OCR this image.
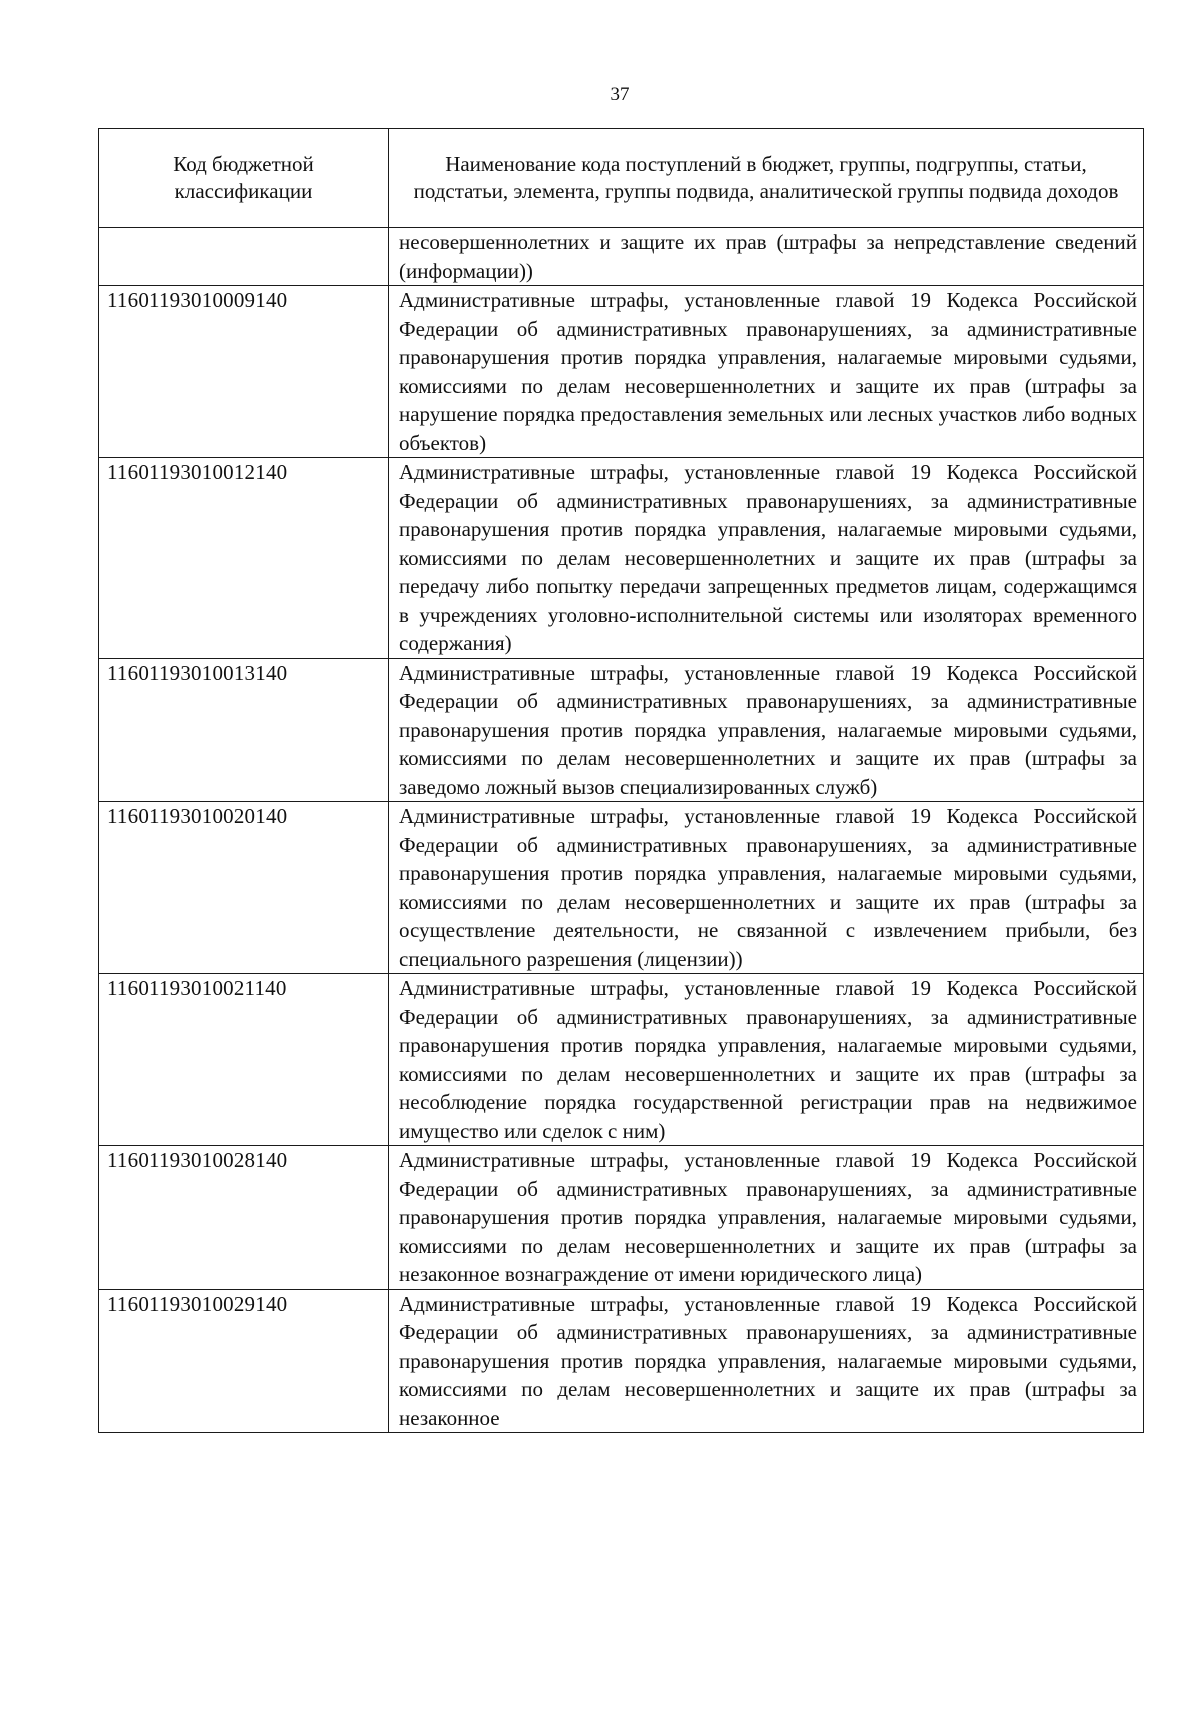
37
Код бюджетной классификации	Наименование кода поступлений в бюджет, группы, подгруппы, статьи, подстатьи, элемента, группы подвида, аналитической группы подвида доходов
	несовершеннолетних и защите их прав (штрафы за непредставление сведений (информации))
11601193010009140	Административные штрафы, установленные главой 19 Кодекса Российской Федерации об административных правонарушениях, за административные правонарушения против порядка управления, налагаемые мировыми судьями, комиссиями по делам несовершеннолетних и защите их прав (штрафы за нарушение порядка предоставления земельных или лесных участков либо водных объектов)
11601193010012140	Административные штрафы, установленные главой 19 Кодекса Российской Федерации об административных правонарушениях, за административные правонарушения против порядка управления, налагаемые мировыми судьями, комиссиями по делам несовершеннолетних и защите их прав (штрафы за передачу либо попытку передачи запрещенных предметов лицам, содержащимся в учреждениях уголовно-исполнительной системы или изоляторах временного содержания)
11601193010013140	Административные штрафы, установленные главой 19 Кодекса Российской Федерации об административных правонарушениях, за административные правонарушения против порядка управления, налагаемые мировыми судьями, комиссиями по делам несовершеннолетних и защите их прав (штрафы за заведомо ложный вызов специализированных служб)
11601193010020140	Административные штрафы, установленные главой 19 Кодекса Российской Федерации об административных правонарушениях, за административные правонарушения против порядка управления, налагаемые мировыми судьями, комиссиями по делам несовершеннолетних и защите их прав (штрафы за осуществление деятельности, не связанной с извлечением прибыли, без специального разрешения (лицензии))
11601193010021140	Административные штрафы, установленные главой 19 Кодекса Российской Федерации об административных правонарушениях, за административные правонарушения против порядка управления, налагаемые мировыми судьями, комиссиями по делам несовершеннолетних и защите их прав (штрафы за несоблюдение порядка государственной регистрации прав на недвижимое имущество или сделок с ним)
11601193010028140	Административные штрафы, установленные главой 19 Кодекса Российской Федерации об административных правонарушениях, за административные правонарушения против порядка управления, налагаемые мировыми судьями, комиссиями по делам несовершеннолетних и защите их прав (штрафы за незаконное вознаграждение от имени юридического лица)
11601193010029140	Административные штрафы, установленные главой 19 Кодекса Российской Федерации об административных правонарушениях, за административные правонарушения против порядка управления, налагаемые мировыми судьями, комиссиями по делам несовершеннолетних и защите их прав (штрафы за незаконное
